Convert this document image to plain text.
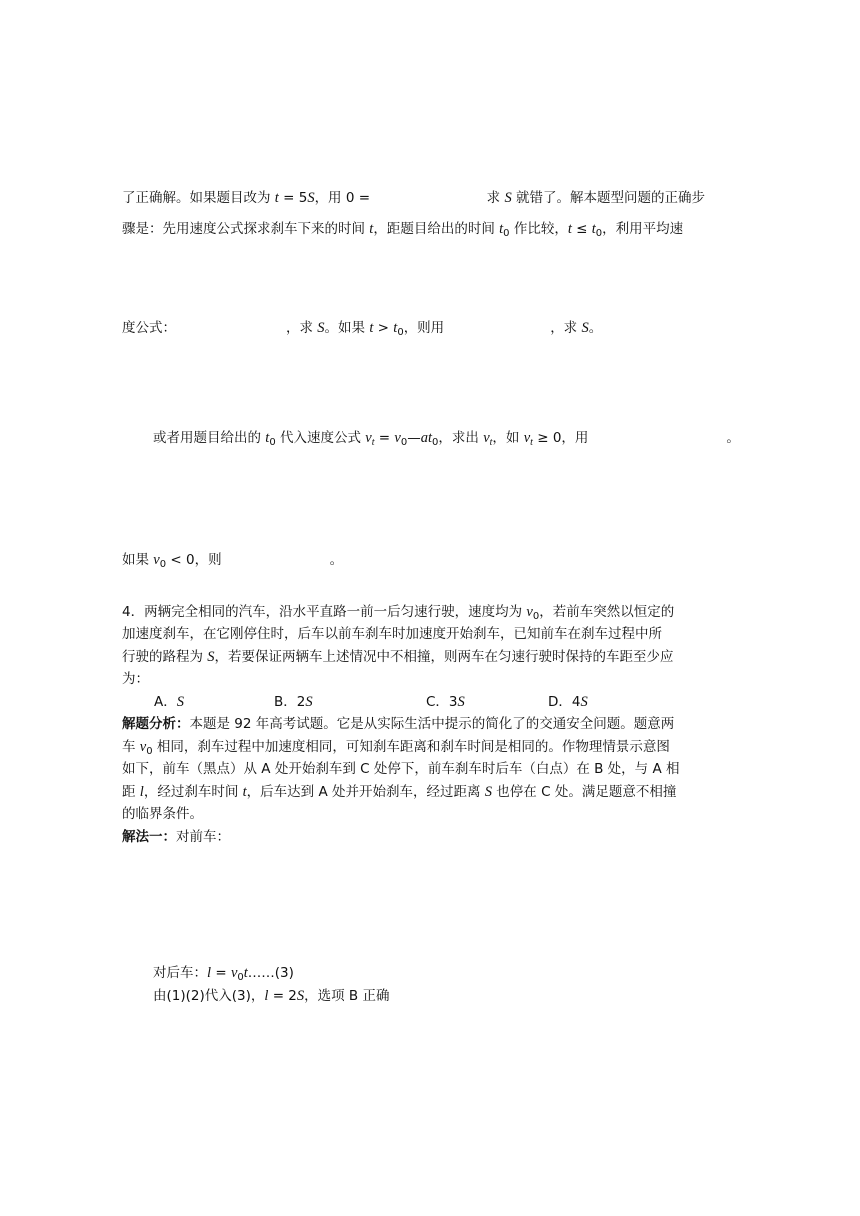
了正确解。如果题目改为 t = 5S，用 0 =	求 S 就错了。解本题型问题的正确步
骤是：先用速度公式探求刹车下来的时间 t，距题目给出的时间 $t_0$ 作比较，$t \le t_0$，利用平均速
度公式：	，求 S。如果 $t > t_0$，则用	，求 S。
或者用题目给出的 $t_0$ 代入速度公式 $v_t$ = $v_0—at_0$，求出 $v_t$，如 $v_t \ge 0$，用	。
如果 $v_0 < 0$，则	。
4．两辆完全相同的汽车，沿水平直路一前一后匀速行驶，速度均为 $v_0$，若前车突然以恒定的
加速度刹车，在它刚停住时，后车以前车刹车时加速度开始刹车，已知前车在刹车过程中所
行驶的路程为 S，若要保证两辆车上述情况中不相撞，则两车在匀速行驶时保持的车距至少应
为：
A．S	B．2S	C．3S	D．4S
解题分析：本题是 92 年高考试题。它是从实际生活中提示的简化了的交通安全问题。题意两
车 $v_0$ 相同，刹车过程中加速度相同，可知刹车距离和刹车时间是相同的。作物理情景示意图
如下，前车（黑点）从 A 处开始刹车到 C 处停下，前车刹车时后车（白点）在 B 处，与 A 相
距 l，经过刹车时间 t，后车达到 A 处并开始刹车，经过距离 S 也停在 C 处。满足题意不相撞
的临界条件。
解法一：对前车：
对后车：$l = v_0t\dots\dots(3)$
由(1)(2)代入(3)，l = 2S，选项 B 正确
